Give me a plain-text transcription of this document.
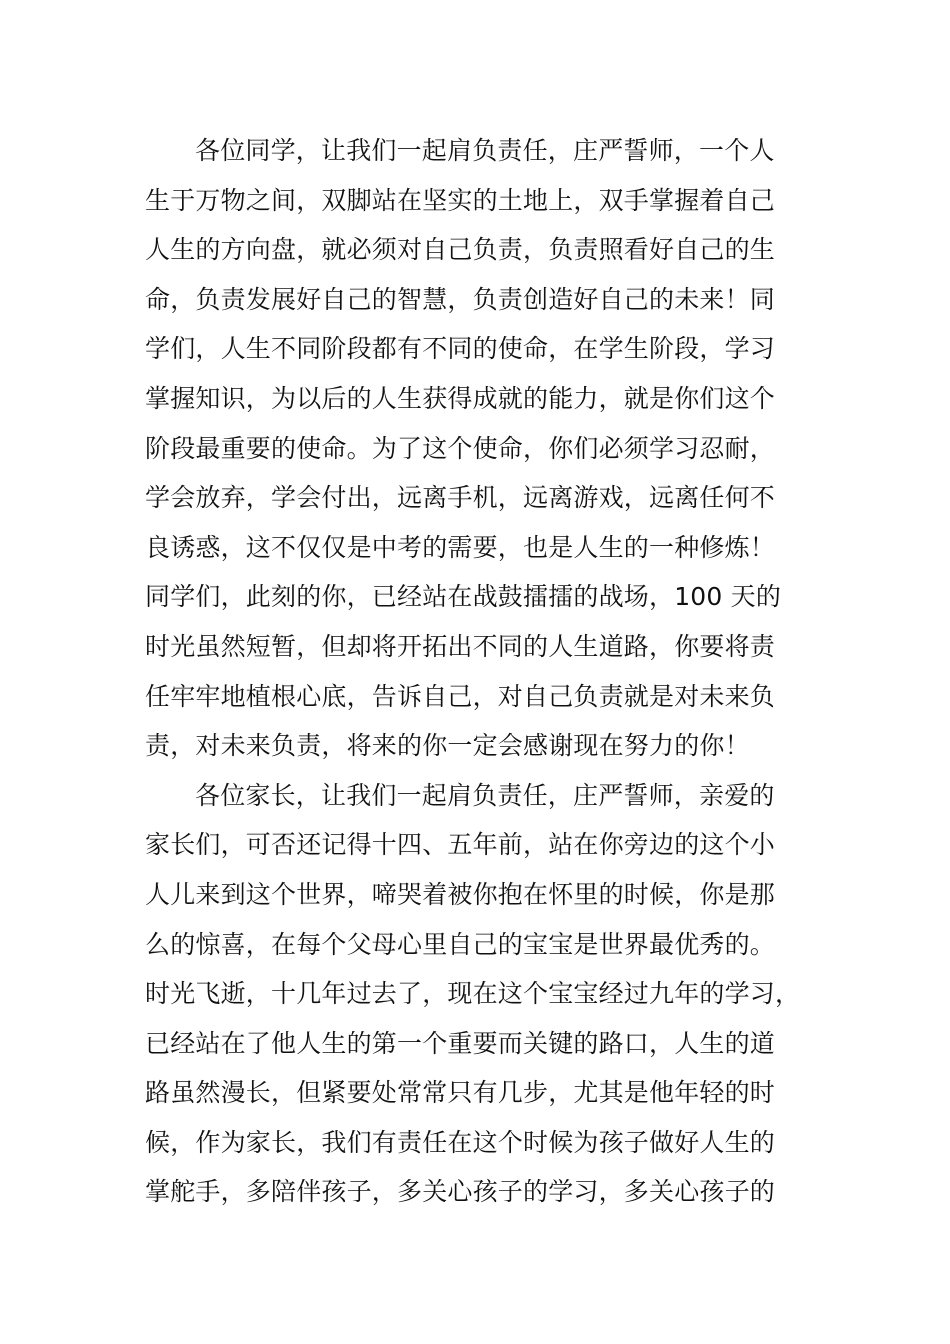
各位同学，让我们一起肩负责任，庄严誓师，一个人
生于万物之间，双脚站在坚实的土地上，双手掌握着自己
人生的方向盘，就必须对自己负责，负责照看好自己的生
命，负责发展好自己的智慧，负责创造好自己的未来！同
学们，人生不同阶段都有不同的使命，在学生阶段，学习
掌握知识，为以后的人生获得成就的能力，就是你们这个
阶段最重要的使命。为了这个使命，你们必须学习忍耐，
学会放弃，学会付出，远离手机，远离游戏，远离任何不
良诱惑，这不仅仅是中考的需要，也是人生的一种修炼！
同学们，此刻的你，已经站在战鼓擂擂的战场，100 天的
时光虽然短暂，但却将开拓出不同的人生道路，你要将责
任牢牢地植根心底，告诉自己，对自己负责就是对未来负
责，对未来负责，将来的你一定会感谢现在努力的你！
各位家长，让我们一起肩负责任，庄严誓师，亲爱的
家长们，可否还记得十四、五年前，站在你旁边的这个小
人儿来到这个世界，啼哭着被你抱在怀里的时候，你是那
么的惊喜，在每个父母心里自己的宝宝是世界最优秀的。
时光飞逝，十几年过去了，现在这个宝宝经过九年的学习，
已经站在了他人生的第一个重要而关键的路口，人生的道
路虽然漫长，但紧要处常常只有几步，尤其是他年轻的时
候，作为家长，我们有责任在这个时候为孩子做好人生的
掌舵手，多陪伴孩子，多关心孩子的学习，多关心孩子的
